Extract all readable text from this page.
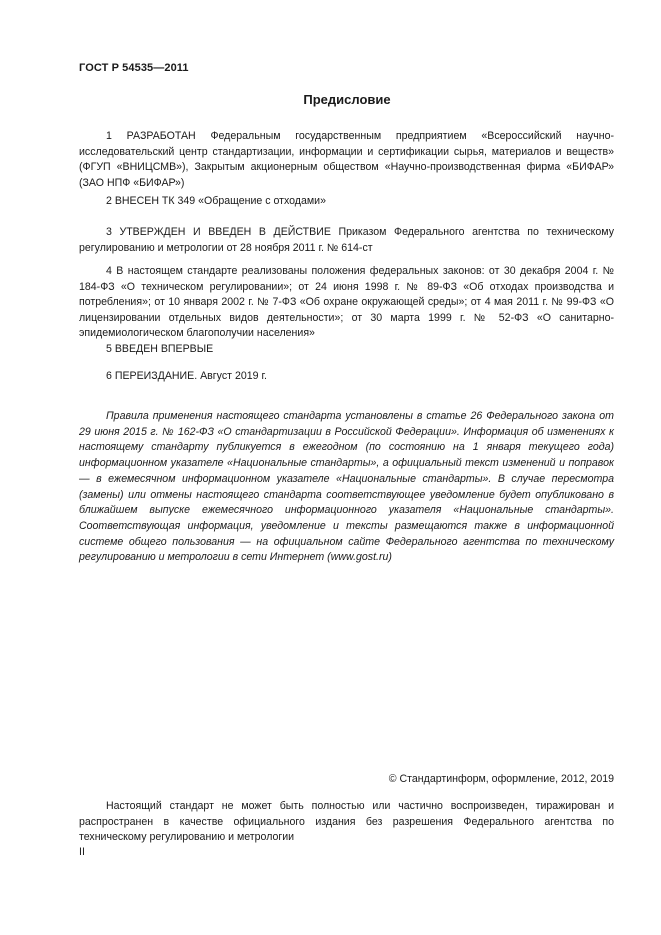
ГОСТ Р 54535—2011
Предисловие

1 РАЗРАБОТАН Федеральным государственным предприятием «Всероссийский научно-исследовательский центр стандартизации, информации и сертификации сырья, материалов и веществ» (ФГУП «ВНИЦСМВ»), Закрытым акционерным обществом «Научно-производственная фирма «БИФАР» (ЗАО НПФ «БИФАР»)

2 ВНЕСЕН ТК 349 «Обращение с отходами»

3 УТВЕРЖДЕН И ВВЕДЕН В ДЕЙСТВИЕ Приказом Федерального агентства по техническому регулированию и метрологии от 28 ноября 2011 г. № 614-ст

4 В настоящем стандарте реализованы положения федеральных законов: от 30 декабря 2004 г. № 184-ФЗ «О техническом регулировании»; от 24 июня 1998 г. № 89-ФЗ «Об отходах производства и потребления»; от 10 января 2002 г. № 7-ФЗ «Об охране окружающей среды»; от 4 мая 2011 г. № 99-ФЗ «О лицензировании отдельных видов деятельности»; от 30 марта 1999 г. № 52-ФЗ «О санитарно-эпидемиологическом благополучии населения»

5 ВВЕДЕН ВПЕРВЫЕ

6 ПЕРЕИЗДАНИЕ. Август 2019 г.

Правила применения настоящего стандарта установлены в статье 26 Федерального закона от 29 июня 2015 г. № 162-ФЗ «О стандартизации в Российской Федерации». Информация об изменениях к настоящему стандарту публикуется в ежегодном (по состоянию на 1 января текущего года) информационном указателе «Национальные стандарты», а официальный текст изменений и поправок — в ежемесячном информационном указателе «Национальные стандарты». В случае пересмотра (замены) или отмены настоящего стандарта соответствующее уведомление будет опубликовано в ближайшем выпуске ежемесячного информационного указателя «Национальные стандарты». Соответствующая информация, уведомление и тексты размещаются также в информационной системе общего пользования — на официальном сайте Федерального агентства по техническому регулированию и метрологии в сети Интернет (www.gost.ru)

© Стандартинформ, оформление, 2012, 2019

Настоящий стандарт не может быть полностью или частично воспроизведен, тиражирован и распространен в качестве официального издания без разрешения Федерального агентства по техническому регулированию и метрологии

II
